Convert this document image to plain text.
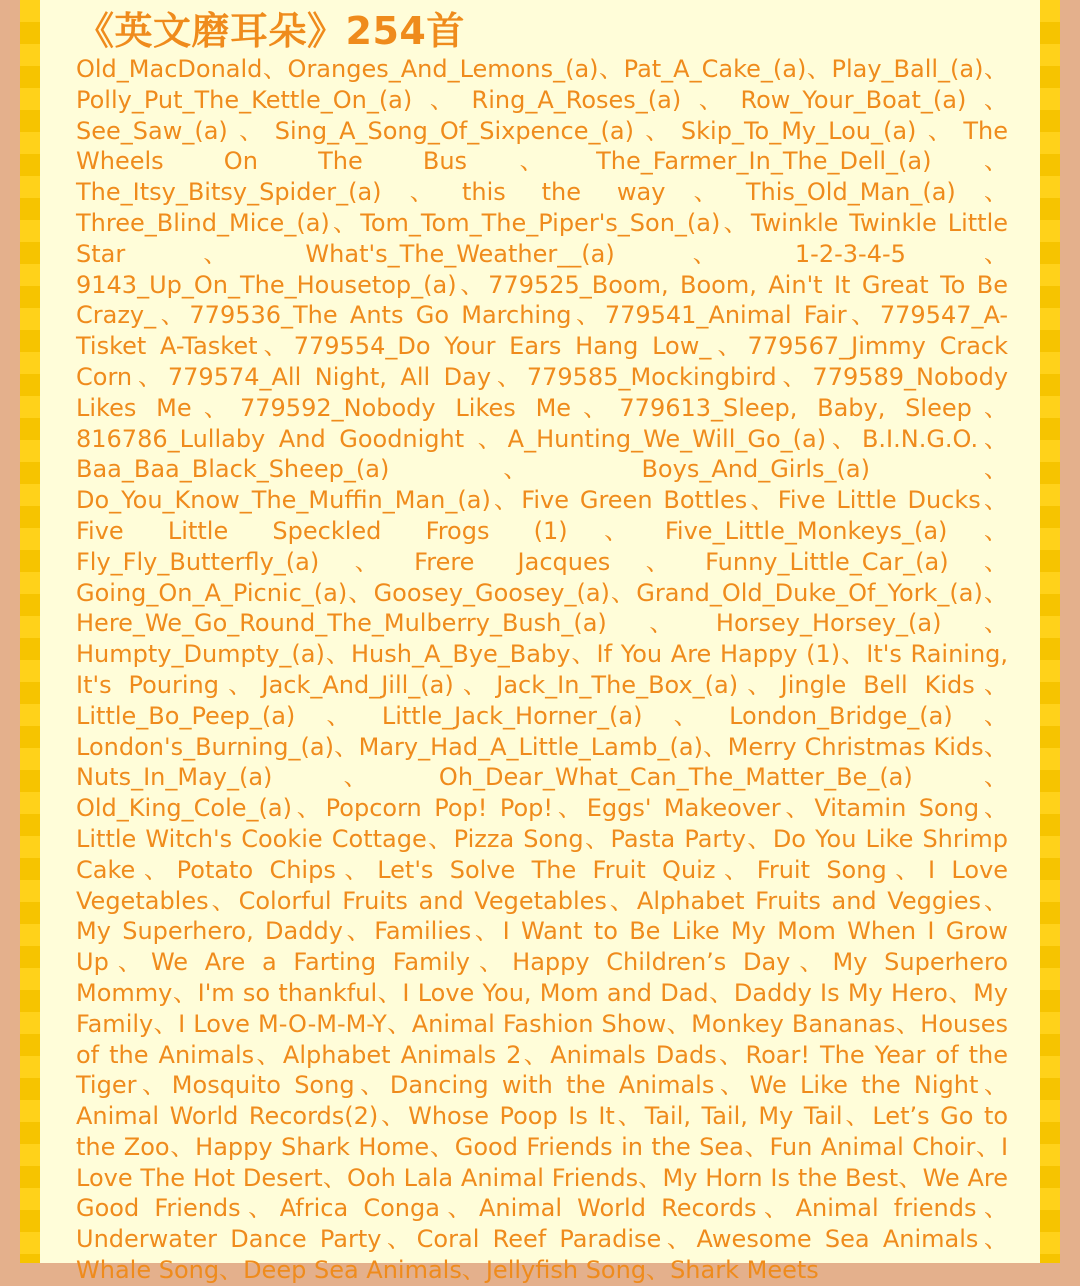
《英文磨耳朵》254首

Old_MacDonald、Oranges_And_Lemons_(a)、Pat_A_Cake_(a)、Play_Ball_(a)、Polly_Put_The_Kettle_On_(a)、Ring_A_Roses_(a)、Row_Your_Boat_(a)、See_Saw_(a)、Sing_A_Song_Of_Sixpence_(a)、Skip_To_My_Lou_(a)、The Wheels On The Bus、The_Farmer_In_The_Dell_(a)、The_Itsy_Bitsy_Spider_(a)、this the way、This_Old_Man_(a)、Three_Blind_Mice_(a)、Tom_Tom_The_Piper's_Son_(a)、Twinkle Twinkle Little Star、What's_The_Weather__(a)、1-2-3-4-5、9143_Up_On_The_Housetop_(a)、779525_Boom, Boom, Ain't It Great To Be Crazy_、779536_The Ants Go Marching、779541_Animal Fair、779547_A-Tisket A-Tasket、779554_Do Your Ears Hang Low_、779567_Jimmy Crack Corn、779574_All Night, All Day、779585_Mockingbird、779589_Nobody Likes Me、779592_Nobody Likes Me、779613_Sleep, Baby, Sleep、816786_Lullaby And Goodnight 、A_Hunting_We_Will_Go_(a)、B.I.N.G.O.、Baa_Baa_Black_Sheep_(a)、Boys_And_Girls_(a)、Do_You_Know_The_Muffin_Man_(a)、Five Green Bottles、Five Little Ducks、Five Little Speckled Frogs (1)、Five_Little_Monkeys_(a)、Fly_Fly_Butterfly_(a)、Frere Jacques、Funny_Little_Car_(a)、Going_On_A_Picnic_(a)、Goosey_Goosey_(a)、Grand_Old_Duke_Of_York_(a)、Here_We_Go_Round_The_Mulberry_Bush_(a)、Horsey_Horsey_(a)、Humpty_Dumpty_(a)、Hush_A_Bye_Baby、If You Are Happy (1)、It's Raining, It's Pouring、Jack_And_Jill_(a)、Jack_In_The_Box_(a)、Jingle Bell Kids、Little_Bo_Peep_(a)、Little_Jack_Horner_(a)、London_Bridge_(a)、London's_Burning_(a)、Mary_Had_A_Little_Lamb_(a)、Merry Christmas Kids、Nuts_In_May_(a)、Oh_Dear_What_Can_The_Matter_Be_(a)、Old_King_Cole_(a)、Popcorn Pop! Pop!、Eggs' Makeover、Vitamin Song、Little Witch's Cookie Cottage、Pizza Song、Pasta Party、Do You Like Shrimp Cake、Potato Chips、Let's Solve The Fruit Quiz、Fruit Song、I Love Vegetables、Colorful Fruits and Vegetables、Alphabet Fruits and Veggies、My Superhero, Daddy、Families、I Want to Be Like My Mom When I Grow Up、We Are a Farting Family、Happy Children’s Day、My Superhero Mommy、I'm so thankful、I Love You, Mom and Dad、Daddy Is My Hero、My Family、I Love M-O-M-M-Y、Animal Fashion Show、Monkey Bananas、Houses of the Animals、Alphabet Animals 2、Animals Dads、Roar! The Year of the Tiger、Mosquito Song、Dancing with the Animals、We Like the Night、Animal World Records(2)、Whose Poop Is It、Tail, Tail, My Tail、Let’s Go to the Zoo、Happy Shark Home、Good Friends in the Sea、Fun Animal Choir、I Love The Hot Desert、Ooh Lala Animal Friends、My Horn Is the Best、We Are Good Friends、Africa Conga、Animal World Records、Animal friends、Underwater Dance Party、Coral Reef Paradise、Awesome Sea Animals、Whale Song、Deep Sea Animals、Jellyfish Song、Shark Meets
